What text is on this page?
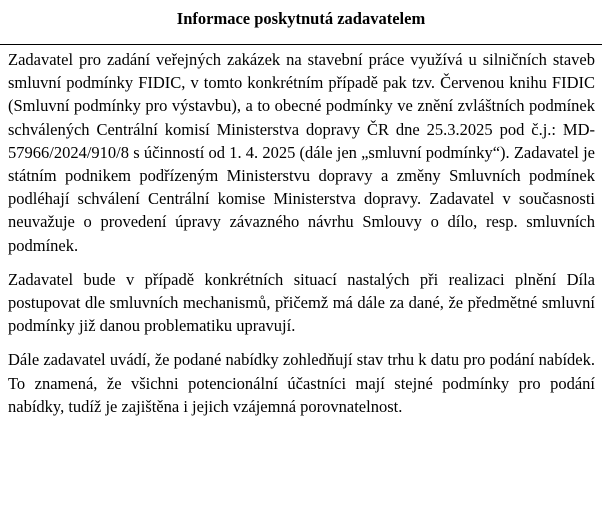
Informace poskytnutá zadavatelem

Zadavatel pro zadání veřejných zakázek na stavební práce využívá u silničních staveb smluvní podmínky FIDIC, v tomto konkrétním případě pak tzv. Červenou knihu FIDIC (Smluvní podmínky pro výstavbu), a to obecné podmínky ve znění zvláštních podmínek schválených Centrální komisí Ministerstva dopravy ČR dne 25.3.2025 pod č.j.: MD-57966/2024/910/8 s účinností od 1. 4. 2025 (dále jen „smluvní podmínky“). Zadavatel je státním podnikem podřízeným Ministerstvu dopravy a změny Smluvních podmínek podléhají schválení Centrální komise Ministerstva dopravy. Zadavatel v současnosti neuvažuje o provedení úpravy závazného návrhu Smlouvy o dílo, resp. smluvních podmínek.

Zadavatel bude v případě konkrétních situací nastalých při realizaci plnění Díla postupovat dle smluvních mechanismů, přičemž má dále za dané, že předmětné smluvní podmínky již danou problematiku upravují.

Dále zadavatel uvádí, že podané nabídky zohledňují stav trhu k datu pro podání nabídek. To znamená, že všichni potencionální účastníci mají stejné podmínky pro podání nabídky, tudíž je zajištěna i jejich vzájemná porovnatelnost.
